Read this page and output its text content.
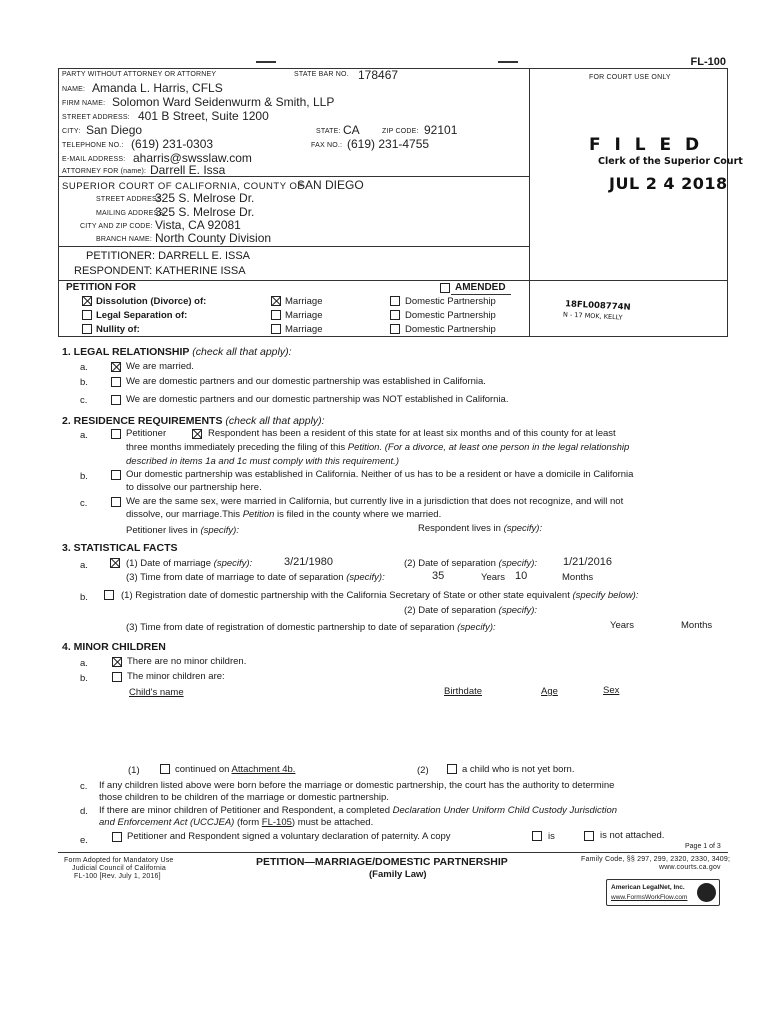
FL-100
PARTY WITHOUT ATTORNEY OR ATTORNEY	STATE BAR NO. 178467	FOR COURT USE ONLY
NAME: Amanda L. Harris, CFLS
FIRM NAME: Solomon Ward Seidenwurm & Smith, LLP
STREET ADDRESS: 401 B Street, Suite 1200
CITY: San Diego	STATE: CA	ZIP CODE: 92101
TELEPHONE NO.: (619) 231-0303	FAX NO.: (619) 231-4755
E-MAIL ADDRESS: aharris@swsslaw.com
ATTORNEY FOR (name): Darrell E. Issa
SUPERIOR COURT OF CALIFORNIA, COUNTY OF
SAN DIEGO
STREET ADDRESS:
325 S. Melrose Dr.
MAILING ADDRESS:
325 S. Melrose Dr.
CITY AND ZIP CODE: Vista, CA 92081
BRANCH NAME: North County Division
PETITIONER: DARRELL E. ISSA
RESPONDENT: KATHERINE ISSA
F I L E D
Clerk of the Superior Court
JUL 2 4 2018
18FL008774N
N - 17 MOK, KELLY
PETITION FOR	AMENDED
Dissolution (Divorce) of:	Marriage	Domestic Partnership
Legal Separation of:	Marriage	Domestic Partnership
Nullity of:	Marriage	Domestic Partnership
1. LEGAL RELATIONSHIP (check all that apply):
a.	We are married.
b.	We are domestic partners and our domestic partnership was established in California.
c.	We are domestic partners and our domestic partnership was NOT established in California.
2. RESIDENCE REQUIREMENTS (check all that apply):
a.	Petitioner	Respondent has been a resident of this state for at least six months and of this county for at least
three months immediately preceding the filing of this Petition. (For a divorce, at least one person in the legal relationship
described in items 1a and 1c must comply with this requirement.)
b.	Our domestic partnership was established in California. Neither of us has to be a resident or have a domicile in California
to dissolve our partnership here.
c.	We are the same sex, were married in California, but currently live in a jurisdiction that does not recognize, and will not
dissolve, our marriage.This Petition is filed in the county where we married.
Petitioner lives in (specify):	Respondent lives in (specify):
3. STATISTICAL FACTS
a.	(1) Date of marriage (specify):	3/21/1980	(2) Date of separation (specify): 1/21/2016
(3) Time from date of marriage to date of separation (specify):	35	Years 10	Months
b.	(1) Registration date of domestic partnership with the California Secretary of State or other state equivalent (specify below):
(2) Date of separation (specify):
(3) Time from date of registration of domestic partnership to date of separation (specify):	Years	Months
4. MINOR CHILDREN
a.	There are no minor children.
b.	The minor children are:
Child's name	Birthdate	Age	Sex
(1)	continued on Attachment 4b.	(2)	a child who is not yet born.
c. If any children listed above were born before the marriage or domestic partnership, the court has the authority to determine
those children to be children of the marriage or domestic partnership.
d. If there are minor children of Petitioner and Respondent, a completed Declaration Under Uniform Child Custody Jurisdiction
and Enforcement Act (UCCJEA) (form FL-105) must be attached.
e.	Petitioner and Respondent signed a voluntary declaration of paternity. A copy	is	is not attached.
Page 1 of 3
Form Adopted for Mandatory Use
Judicial Council of California
FL-100 [Rev. July 1, 2016]
PETITION—MARRIAGE/DOMESTIC PARTNERSHIP
(Family Law)
Family Code, §§ 297, 299, 2320, 2330, 3409;
www.courts.ca.gov
American LegalNet, Inc.
www.FormsWorkFlow.com
